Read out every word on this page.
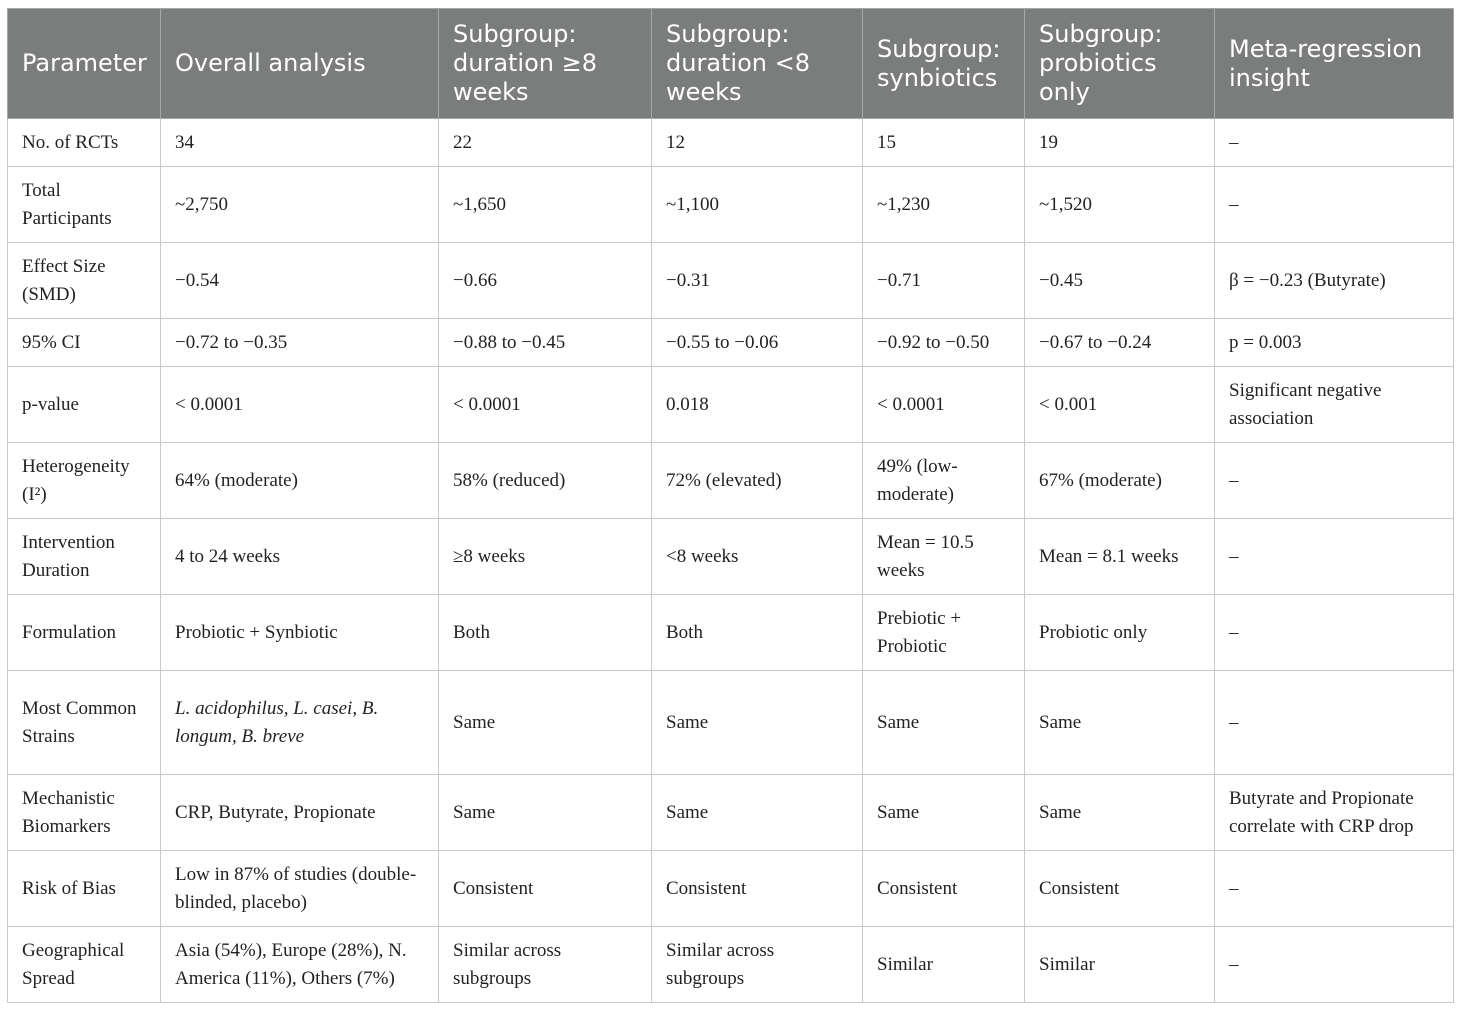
Parameter	Overall analysis	Subgroup: duration ≥8 weeks	Subgroup: duration <8 weeks	Subgroup: synbiotics	Subgroup: probiotics only	Meta-regression insight
No. of RCTs	34	22	12	15	19	–
Total Participants	~2,750	~1,650	~1,100	~1,230	~1,520	–
Effect Size (SMD)	−0.54	−0.66	−0.31	−0.71	−0.45	β = −0.23 (Butyrate)
95% CI	−0.72 to −0.35	−0.88 to −0.45	−0.55 to −0.06	−0.92 to −0.50	−0.67 to −0.24	p = 0.003
p-value	< 0.0001	< 0.0001	0.018	< 0.0001	< 0.001	Significant negative association
Heterogeneity (I²)	64% (moderate)	58% (reduced)	72% (elevated)	49% (low-moderate)	67% (moderate)	–
Intervention Duration	4 to 24 weeks	≥8 weeks	<8 weeks	Mean = 10.5 weeks	Mean = 8.1 weeks	–
Formulation	Probiotic + Synbiotic	Both	Both	Prebiotic + Probiotic	Probiotic only	–
Most Common Strains	L. acidophilus, L. casei, B. longum, B. breve	Same	Same	Same	Same	–
Mechanistic Biomarkers	CRP, Butyrate, Propionate	Same	Same	Same	Same	Butyrate and Propionate correlate with CRP drop
Risk of Bias	Low in 87% of studies (double-blinded, placebo)	Consistent	Consistent	Consistent	Consistent	–
Geographical Spread	Asia (54%), Europe (28%), N. America (11%), Others (7%)	Similar across subgroups	Similar across subgroups	Similar	Similar	–
